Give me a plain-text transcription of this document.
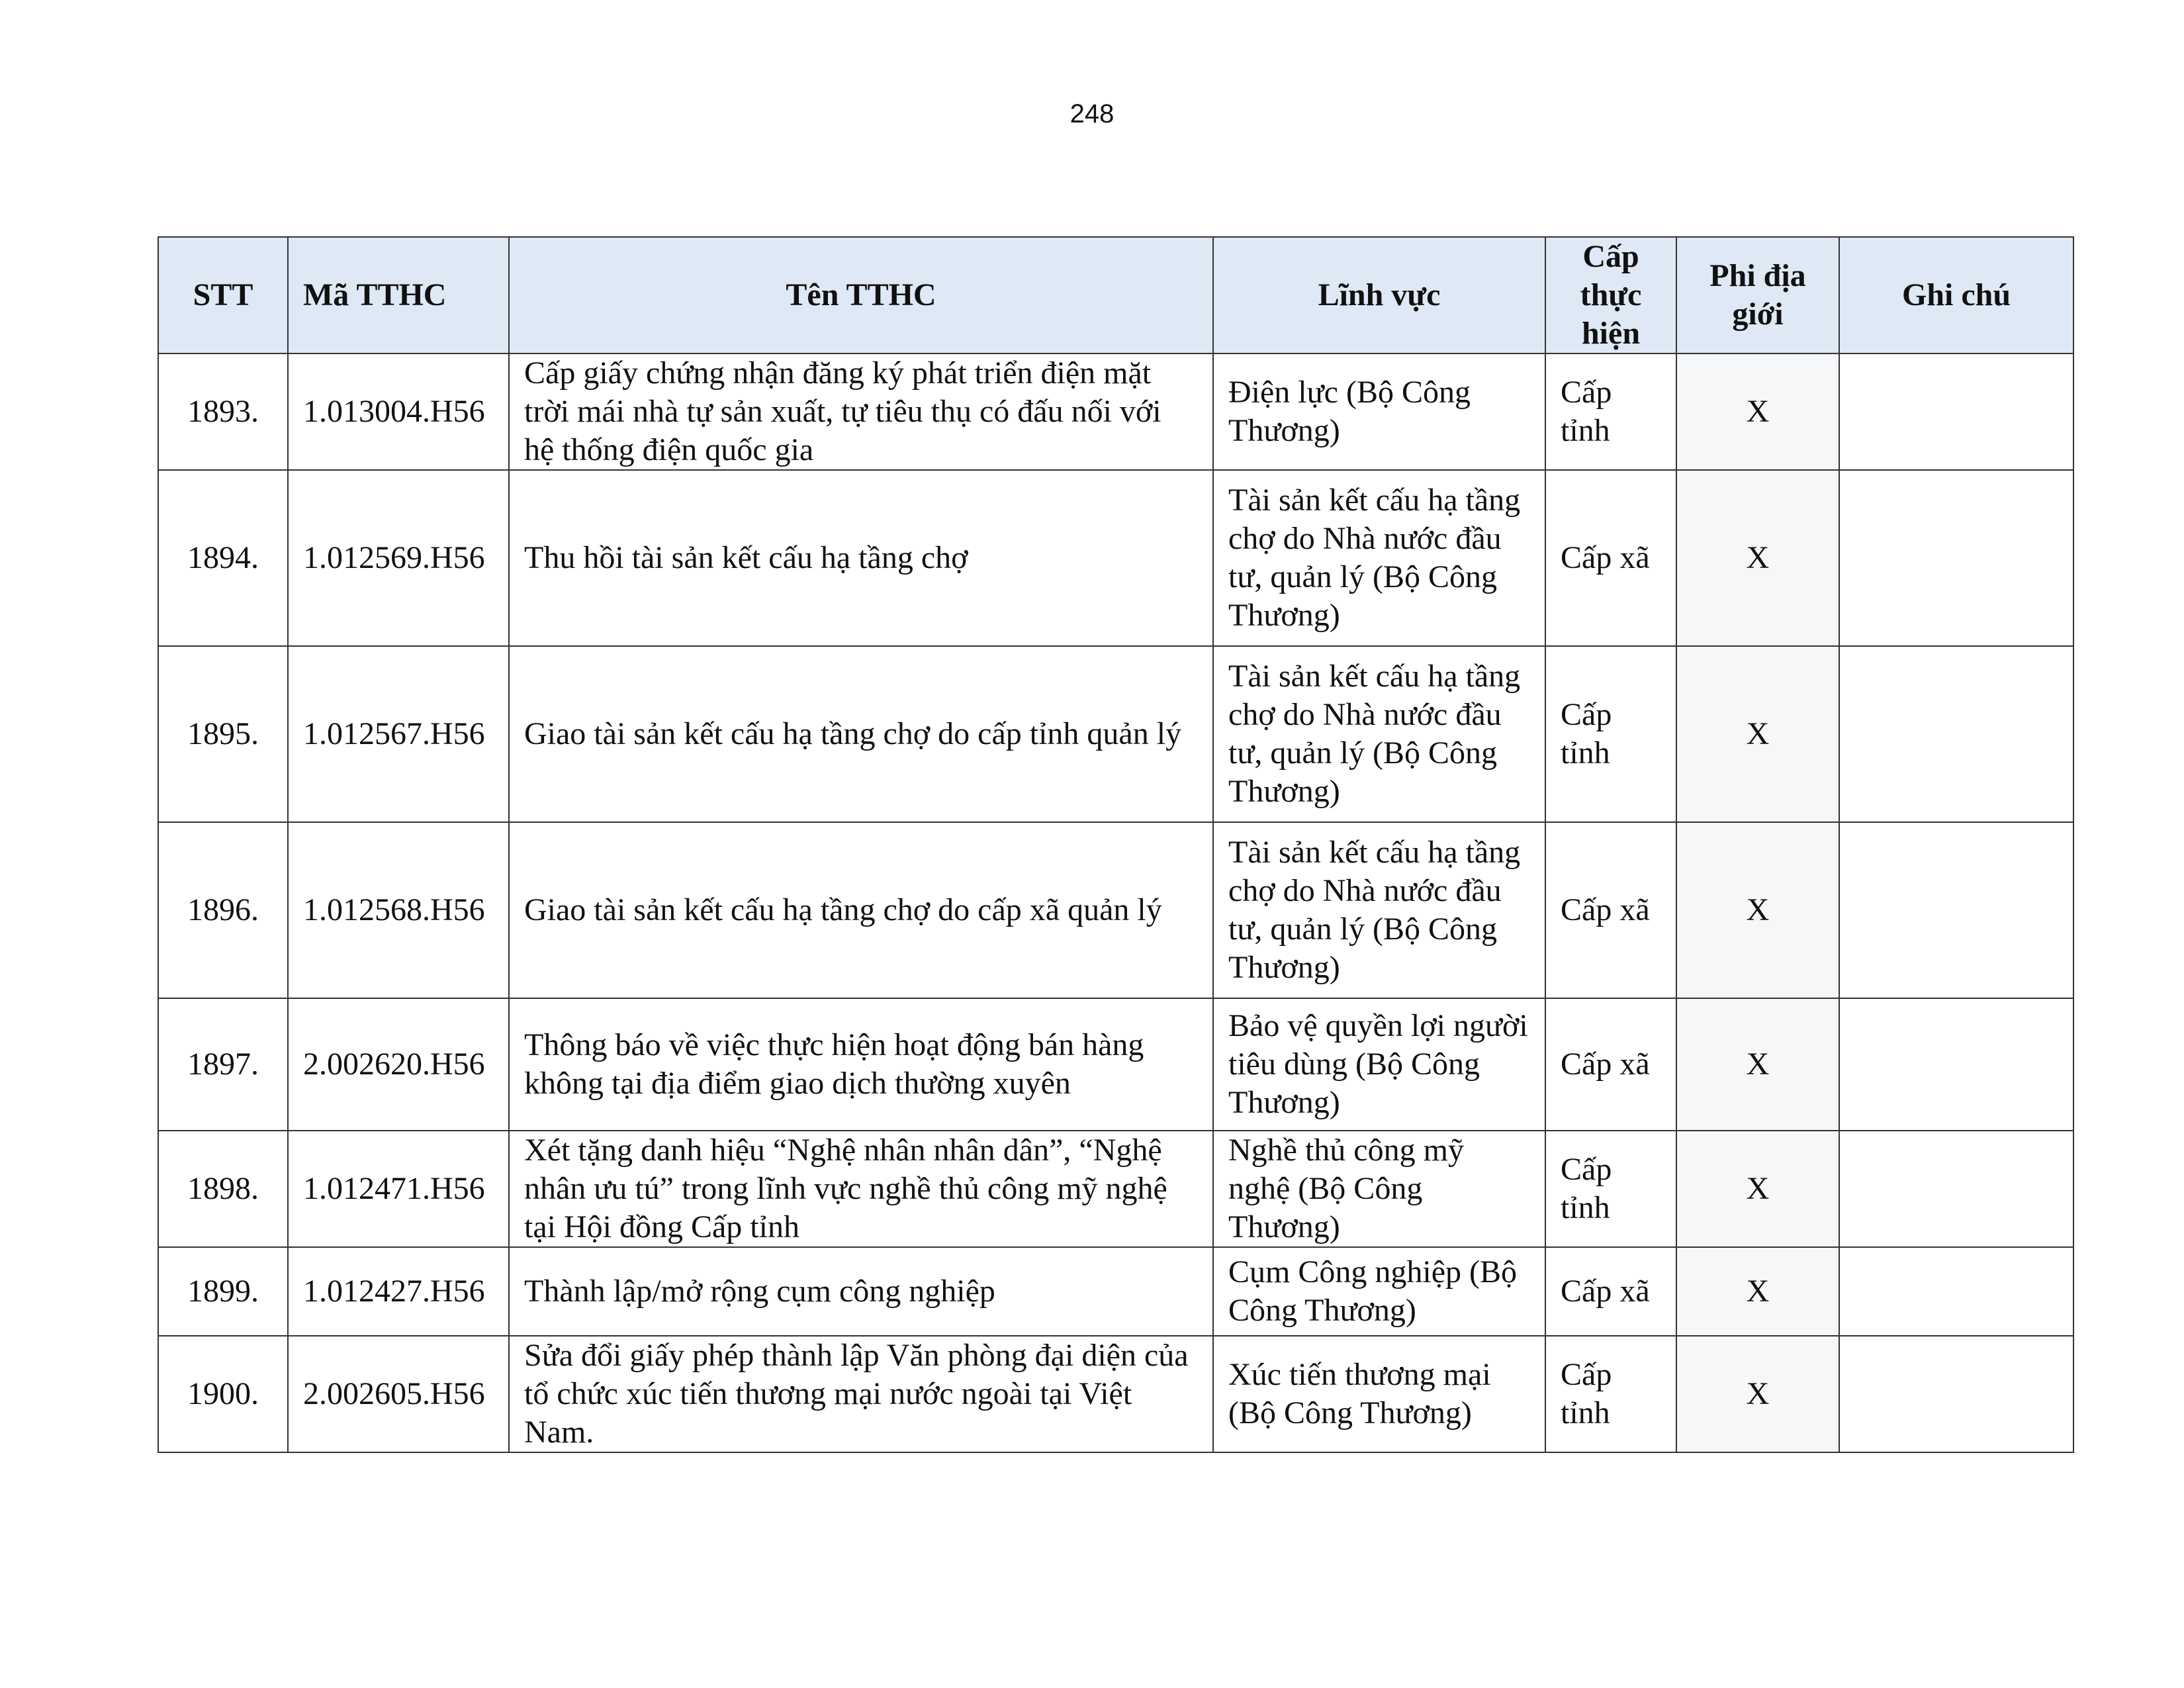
248
STT	Mã TTHC	Tên TTHC	Lĩnh vực	Cấp thực hiện	Phi địa giới	Ghi chú
1893.	1.013004.H56	Cấp giấy chứng nhận đăng ký phát triển điện mặt trời mái nhà tự sản xuất, tự tiêu thụ có đấu nối với hệ thống điện quốc gia	Điện lực (Bộ Công Thương)	Cấp tỉnh	X	
1894.	1.012569.H56	Thu hồi tài sản kết cấu hạ tầng chợ	Tài sản kết cấu hạ tầng chợ do Nhà nước đầu tư, quản lý (Bộ Công Thương)	Cấp xã	X	
1895.	1.012567.H56	Giao tài sản kết cấu hạ tầng chợ do cấp tỉnh quản lý	Tài sản kết cấu hạ tầng chợ do Nhà nước đầu tư, quản lý (Bộ Công Thương)	Cấp tỉnh	X	
1896.	1.012568.H56	Giao tài sản kết cấu hạ tầng chợ do cấp xã quản lý	Tài sản kết cấu hạ tầng chợ do Nhà nước đầu tư, quản lý (Bộ Công Thương)	Cấp xã	X	
1897.	2.002620.H56	Thông báo về việc thực hiện hoạt động bán hàng không tại địa điểm giao dịch thường xuyên	Bảo vệ quyền lợi người tiêu dùng (Bộ Công Thương)	Cấp xã	X	
1898.	1.012471.H56	Xét tặng danh hiệu “Nghệ nhân nhân dân”, “Nghệ nhân ưu tú” trong lĩnh vực nghề thủ công mỹ nghệ tại Hội đồng Cấp tỉnh	Nghề thủ công mỹ nghệ (Bộ Công Thương)	Cấp tỉnh	X	
1899.	1.012427.H56	Thành lập/mở rộng cụm công nghiệp	Cụm Công nghiệp (Bộ Công Thương)	Cấp xã	X	
1900.	2.002605.H56	Sửa đổi giấy phép thành lập Văn phòng đại diện của tổ chức xúc tiến thương mại nước ngoài tại Việt Nam.	Xúc tiến thương mại (Bộ Công Thương)	Cấp tỉnh	X	
